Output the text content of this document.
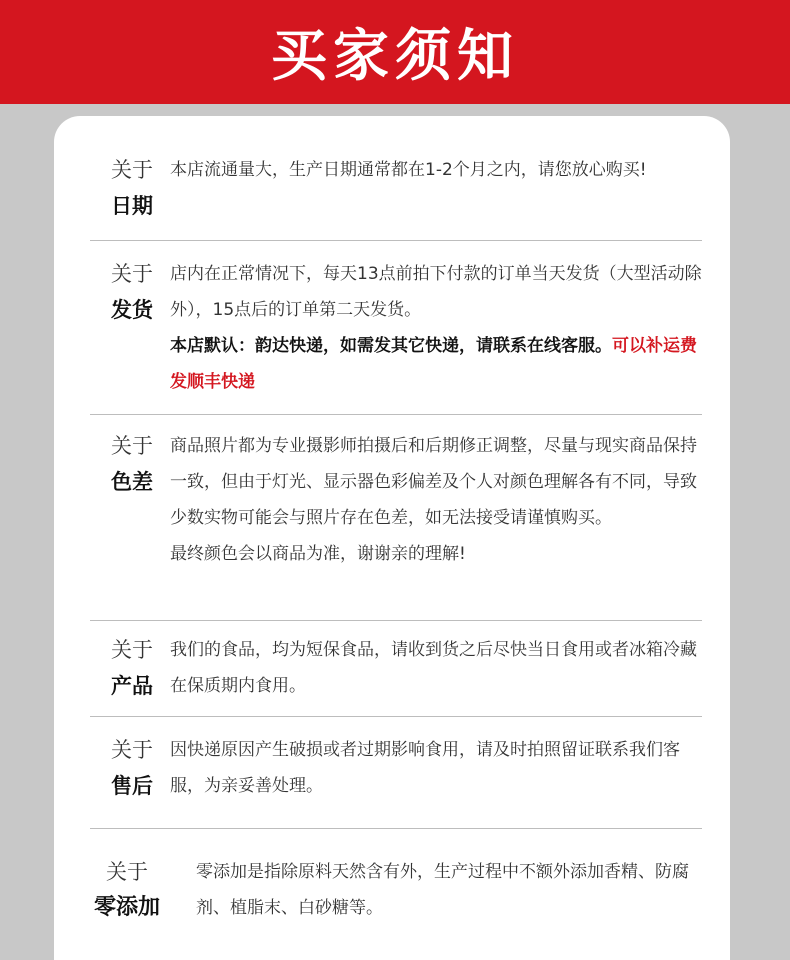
买家须知
关于
日期

本店流通量大，生产日期通常都在1-2个月之内，请您放心购买!

关于
发货

店内在正常情况下，每天13点前拍下付款的订单当天发货（大型活动除外），15点后的订单第二天发货。

本店默认：韵达快递，如需发其它快递，请联系在线客服。可以补运费发顺丰快递

关于
色差

商品照片都为专业摄影师拍摄后和后期修正调整，尽量与现实商品保持一致，但由于灯光、显示器色彩偏差及个人对颜色理解各有不同，导致少数实物可能会与照片存在色差，如无法接受请谨慎购买。

最终颜色会以商品为准，谢谢亲的理解!

关于
产品

我们的食品，均为短保食品，请收到货之后尽快当日食用或者冰箱冷藏在保质期内食用。

关于
售后

因快递原因产生破损或者过期影响食用，请及时拍照留证联系我们客服，为亲妥善处理。

关于
零添加

零添加是指除原料天然含有外，生产过程中不额外添加香精、防腐剂、植脂末、白砂糖等。
